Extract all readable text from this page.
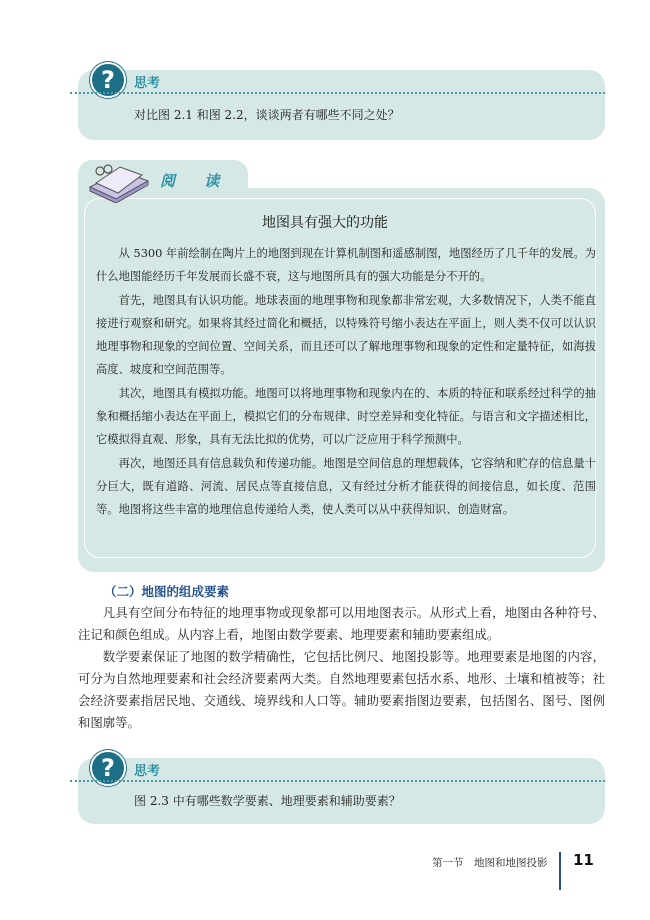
?	思考
对比图 2.1 和图 2.2，谈谈两者有哪些不同之处？
阅 读
地图具有强大的功能

从 5300 年前绘制在陶片上的地图到现在计算机制图和遥感制图，地图经历了几千年的发展。为什么地图能经历千年发展而长盛不衰，这与地图所具有的强大功能是分不开的。

首先，地图具有认识功能。地球表面的地理事物和现象都非常宏观，大多数情况下，人类不能直接进行观察和研究。如果将其经过简化和概括，以特殊符号缩小表达在平面上，则人类不仅可以认识地理事物和现象的空间位置、空间关系，而且还可以了解地理事物和现象的定性和定量特征，如海拔高度、坡度和空间范围等。

其次，地图具有模拟功能。地图可以将地理事物和现象内在的、本质的特征和联系经过科学的抽象和概括缩小表达在平面上，模拟它们的分布规律、时空差异和变化特征。与语言和文字描述相比，它模拟得直观、形象，具有无法比拟的优势，可以广泛应用于科学预测中。

再次，地图还具有信息载负和传递功能。地图是空间信息的理想载体，它容纳和贮存的信息量十分巨大，既有道路、河流、居民点等直接信息，又有经过分析才能获得的间接信息，如长度、范围等。地图将这些丰富的地理信息传递给人类，使人类可以从中获得知识、创造财富。

（二）地图的组成要素

凡具有空间分布特征的地理事物或现象都可以用地图表示。从形式上看，地图由各种符号、注记和颜色组成。从内容上看，地图由数学要素、地理要素和辅助要素组成。

数学要素保证了地图的数学精确性，它包括比例尺、地图投影等。地理要素是地图的内容，可分为自然地理要素和社会经济要素两大类。自然地理要素包括水系、地形、土壤和植被等；社会经济要素指居民地、交通线、境界线和人口等。辅助要素指图边要素，包括图名、图号、图例和图廓等。

?	思考
图 2.3 中有哪些数学要素、地理要素和辅助要素？
第一节　地图和地图投影 11
